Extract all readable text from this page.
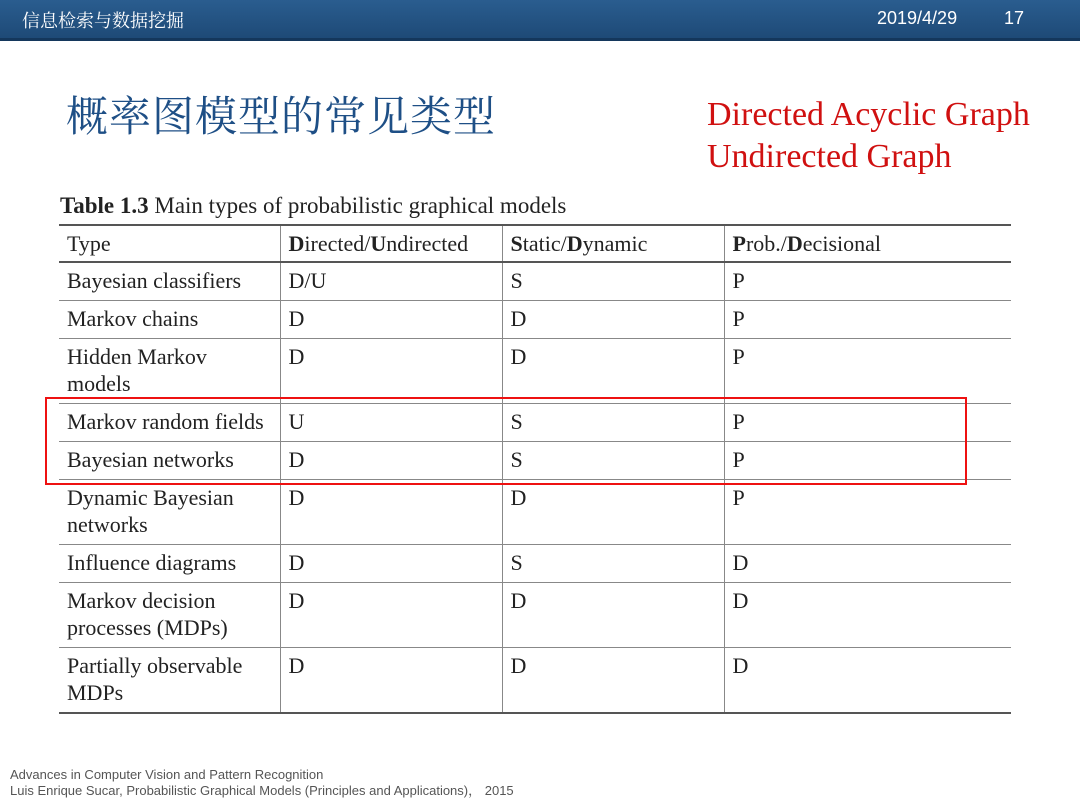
信息检索与数据挖掘	2019/4/29	17
概率图模型的常见类型	Directed Acyclic Graph
Undirected Graph
Table 1.3 Main types of probabilistic graphical models
Type	Directed/Undirected	Static/Dynamic	Prob./Decisional
Bayesian classifiers	D/U	S	P
Markov chains	D	D	P
Hidden Markov models	D	D	P
Markov random fields	U	S	P
Bayesian networks	D	S	P
Dynamic Bayesian networks	D	D	P
Influence diagrams	D	S	D
Markov decision processes (MDPs)	D	D	D
Partially observable MDPs	D	D	D
Advances in Computer Vision and Pattern Recognition
Luis Enrique Sucar, Probabilistic Graphical Models (Principles and Applications)， 2015
